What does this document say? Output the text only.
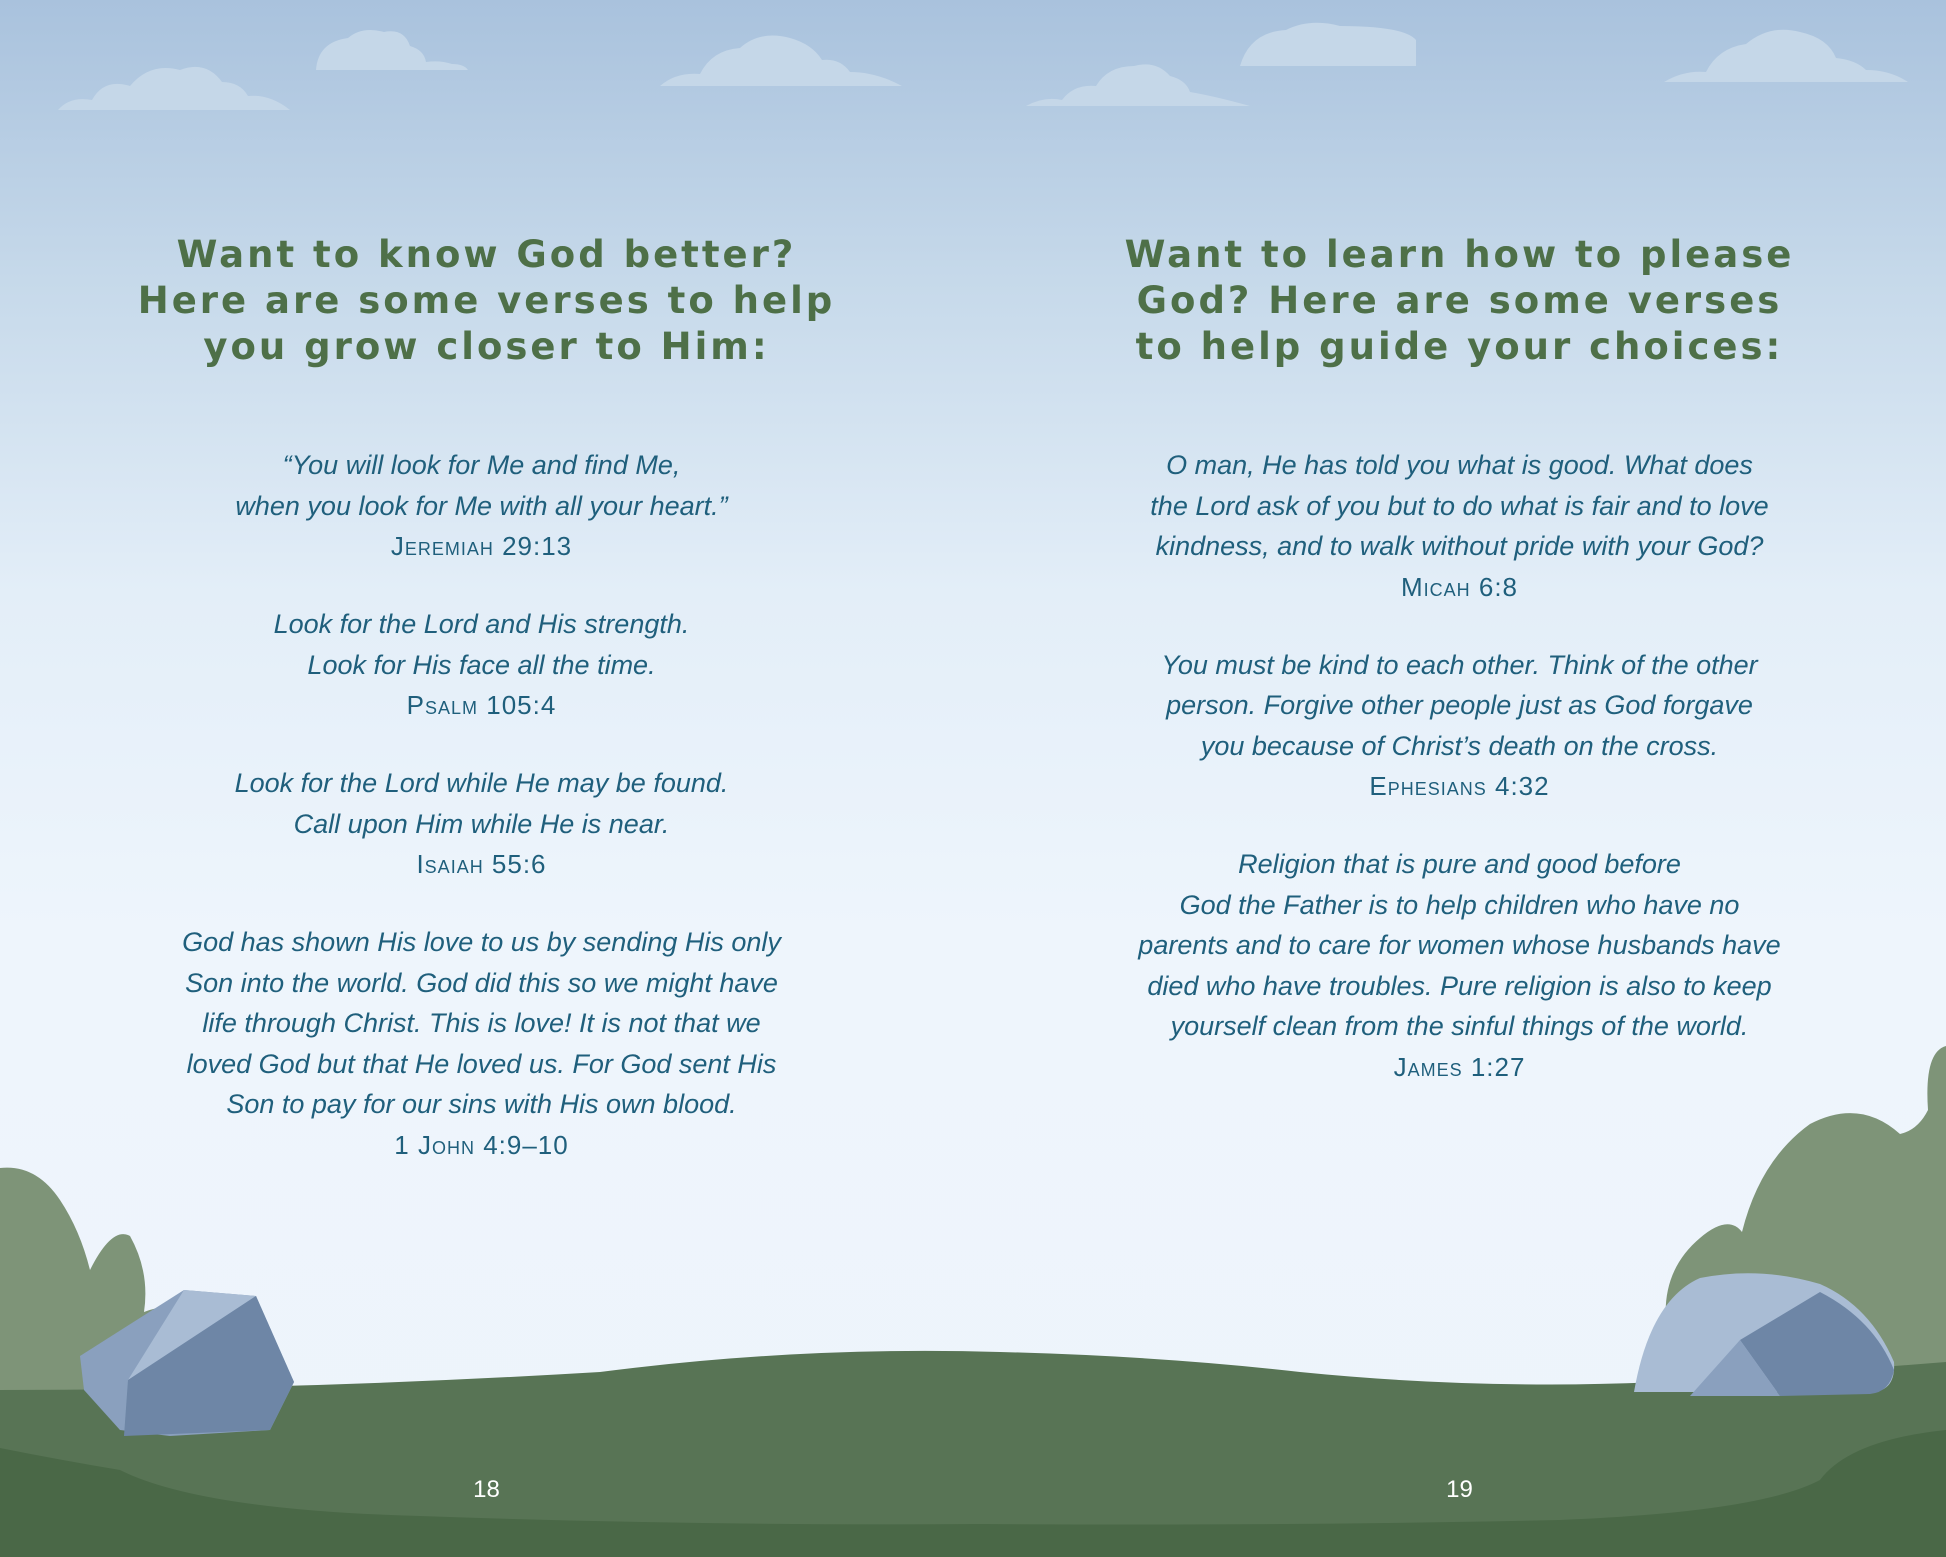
Want to know God better?
Here are some verses to help
you grow closer to Him:

“You will look for Me and find Me,
when you look for Me with all your heart.”

Jeremiah 29:13

Look for the Lord and His strength.
Look for His face all the time.

Psalm 105:4

Look for the Lord while He may be found.
Call upon Him while He is near.

Isaiah 55:6

God has shown His love to us by sending His only
Son into the world. God did this so we might have
life through Christ. This is love! It is not that we
loved God but that He loved us. For God sent His
Son to pay for our sins with His own blood.

1 John 4:9–10

18
Want to learn how to please
God? Here are some verses
to help guide your choices:

O man, He has told you what is good. What does
the Lord ask of you but to do what is fair and to love
kindness, and to walk without pride with your God?

Micah 6:8

You must be kind to each other. Think of the other
person. Forgive other people just as God forgave
you because of Christ’s death on the cross.

Ephesians 4:32

Religion that is pure and good before
God the Father is to help children who have no
parents and to care for women whose husbands have
died who have troubles. Pure religion is also to keep
yourself clean from the sinful things of the world.

James 1:27

19
